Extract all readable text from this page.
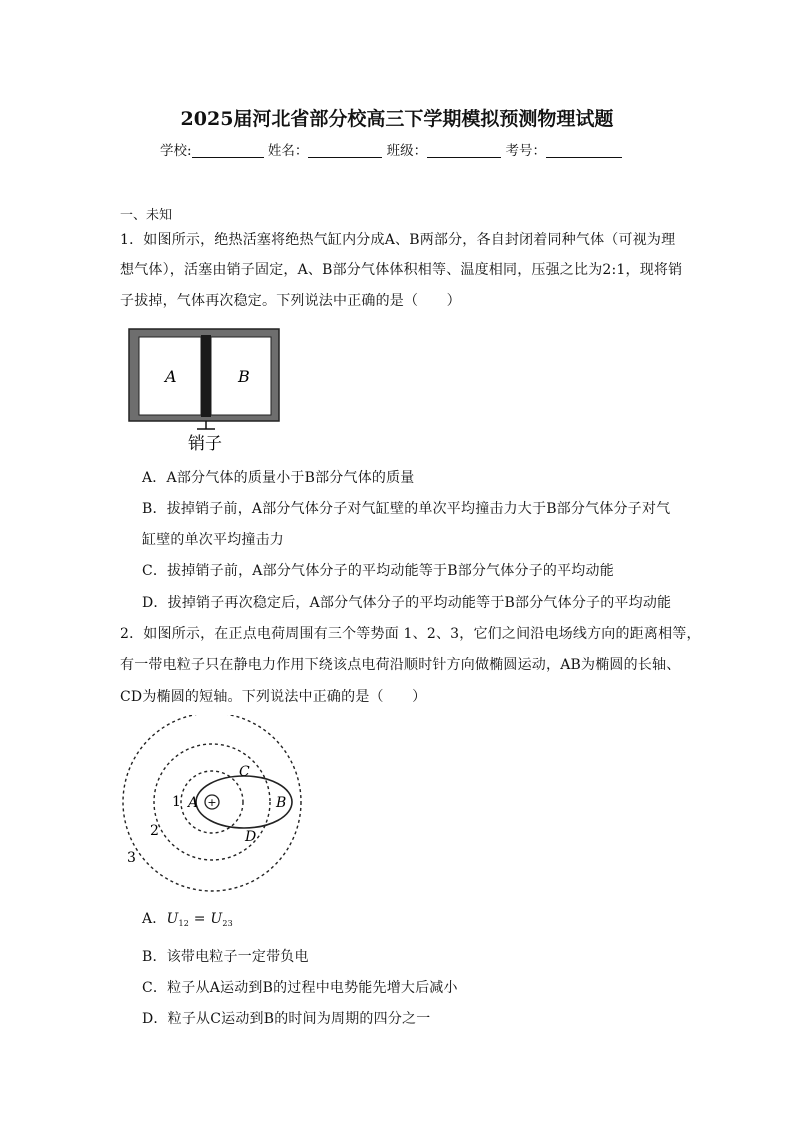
2025届河北省部分校高三下学期模拟预测物理试题
学校:	姓名：	班级：	考号：
一、未知
1．如图所示，绝热活塞将绝热气缸内分成A、B两部分，各自封闭着同种气体（可视为理
想气体），活塞由销子固定，A、B部分气体体积相等、温度相同，压强之比为2:1，现将销
子拔掉，气体再次稳定。下列说法中正确的是（　　）
A	B
销子
A．A部分气体的质量小于B部分气体的质量
B．拔掉销子前，A部分气体分子对气缸壁的单次平均撞击力大于B部分气体分子对气
缸壁的单次平均撞击力
C．拔掉销子前，A部分气体分子的平均动能等于B部分气体分子的平均动能
D．拔掉销子再次稳定后，A部分气体分子的平均动能等于B部分气体分子的平均动能
2．如图所示，在正点电荷周围有三个等势面 1、2、3，它们之间沿电场线方向的距离相等，
有一带电粒子只在静电力作用下绕该点电荷沿顺时针方向做椭圆运动，AB为椭圆的长轴、
CD为椭圆的短轴。下列说法中正确的是（　　）
+
1
2
3
A	B
C
D
A．$U_{12} = U_{23}$
B．该带电粒子一定带负电
C．粒子从A运动到B的过程中电势能先增大后减小
D．粒子从C运动到B的时间为周期的四分之一
